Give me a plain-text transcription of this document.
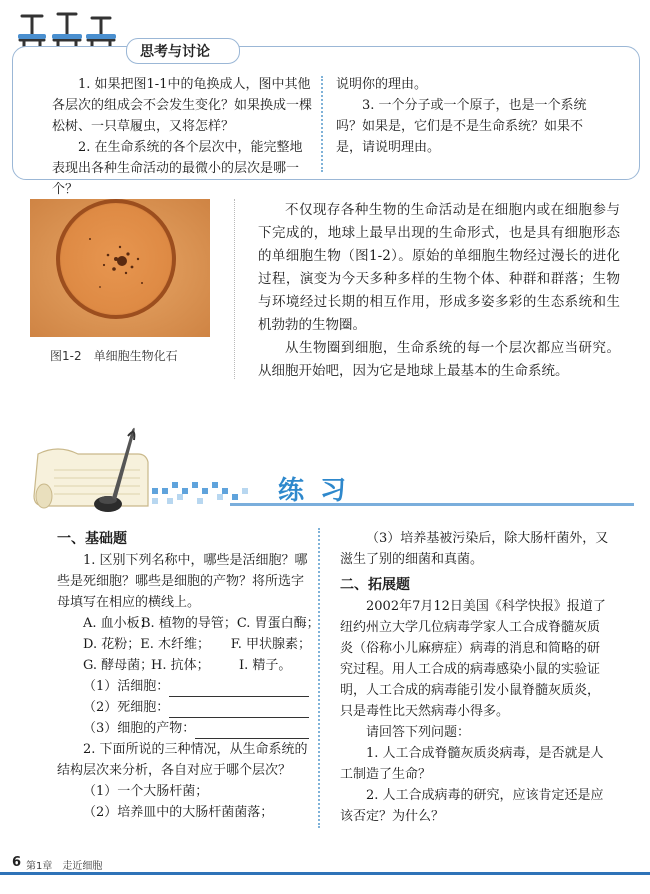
思考与讨论

1. 如果把图1-1中的龟换成人，图中其他各层次的组成会不会发生变化？如果换成一棵松树、一只草履虫，又将怎样？

2. 在生命系统的各个层次中，能完整地表现出各种生命活动的最微小的层次是哪一个？

说明你的理由。

3. 一个分子或一个原子，也是一个系统吗？如果是，它们是不是生命系统？如果不是，请说明理由。

图1-2　单细胞生物化石

不仅现存各种生物的生命活动是在细胞内或在细胞参与下完成的，地球上最早出现的生命形式，也是具有细胞形态的单细胞生物（图1-2）。原始的单细胞生物经过漫长的进化过程，演变为今天多种多样的生物个体、种群和群落；生物与环境经过长期的相互作用，形成多姿多彩的生态系统和生机勃勃的生物圈。

从生物圈到细胞，生命系统的每一个层次都应当研究。从细胞开始吧，因为它是地球上最基本的生命系统。

练习

一、基础题

1. 区别下列名称中，哪些是活细胞？哪些是死细胞？哪些是细胞的产物？将所选字母填写在相应的横线上。

A. 血小板；
B. 植物的导管； C. 胃蛋白酶；
D. 花粉； E. 木纤维；	F. 甲状腺素；
G. 酵母菌；
H. 抗体；	I. 精子。
（1）活细胞：
（2）死细胞：
（3）细胞的产物：

2. 下面所说的三种情况，从生命系统的结构层次来分析，各自对应于哪个层次？

（1）一个大肠杆菌；

（2）培养皿中的大肠杆菌菌落；

（3）培养基被污染后，除大肠杆菌外，又滋生了别的细菌和真菌。

二、拓展题

2002年7月12日美国《科学快报》报道了纽约州立大学几位病毒学家人工合成脊髓灰质炎（俗称小儿麻痹症）病毒的消息和简略的研究过程。用人工合成的病毒感染小鼠的实验证明，人工合成的病毒能引发小鼠脊髓灰质炎，只是毒性比天然病毒小得多。

请回答下列问题：

1. 人工合成脊髓灰质炎病毒，是否就是人工制造了生命？

2. 人工合成病毒的研究，应该肯定还是应该否定？为什么？

6 第1章　走近细胞
